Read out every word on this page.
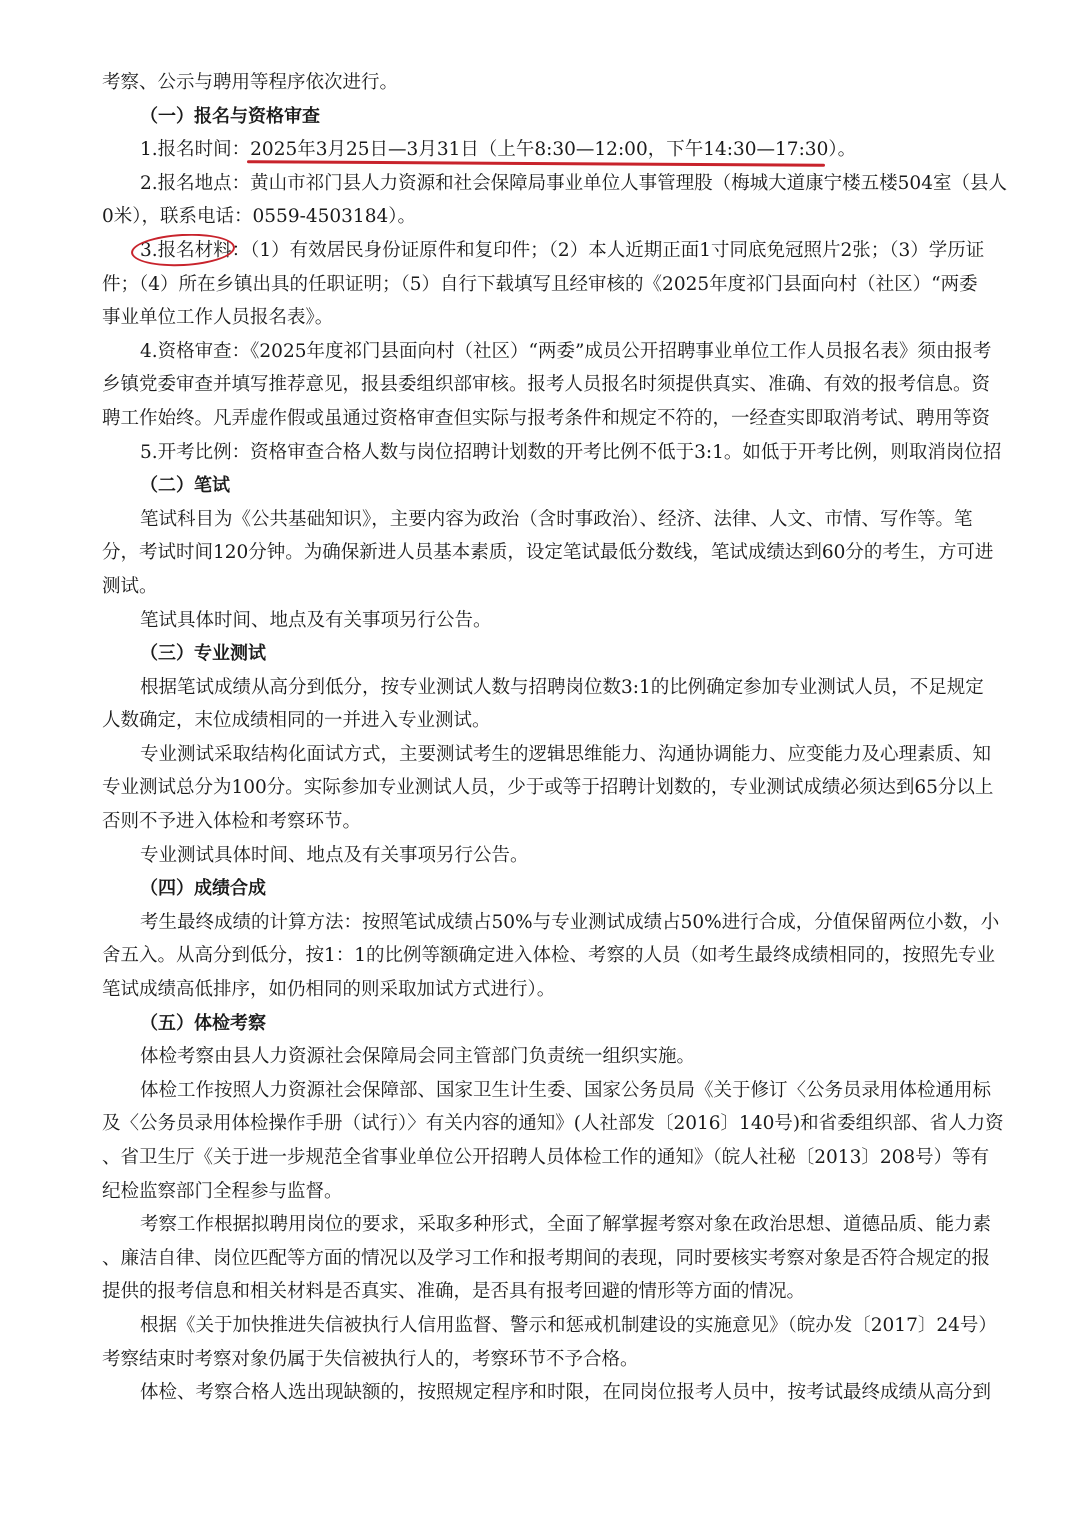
考察、公示与聘用等程序依次进行。
（一）报名与资格审查
1.报名时间：2025年3月25日—3月31日（上午8:30—12:00，下午14:30—17:30）。
2.报名地点：黄山市祁门县人力资源和社会保障局事业单位人事管理股（梅城大道康宁楼五楼504室（县人
0米），联系电话：0559-4503184）。
3.报名材料：（1）有效居民身份证原件和复印件；（2）本人近期正面1寸同底免冠照片2张；（3）学历证
件；（4）所在乡镇出具的任职证明；（5）自行下载填写且经审核的《2025年度祁门县面向村（社区）“两委
事业单位工作人员报名表》。
4.资格审查：《2025年度祁门县面向村（社区）“两委”成员公开招聘事业单位工作人员报名表》须由报考
乡镇党委审查并填写推荐意见，报县委组织部审核。报考人员报名时须提供真实、准确、有效的报考信息。资
聘工作始终。凡弄虚作假或虽通过资格审查但实际与报考条件和规定不符的，一经查实即取消考试、聘用等资
5.开考比例：资格审查合格人数与岗位招聘计划数的开考比例不低于3:1。如低于开考比例，则取消岗位招
（二）笔试
笔试科目为《公共基础知识》，主要内容为政治（含时事政治）、经济、法律、人文、市情、写作等。笔
分，考试时间120分钟。为确保新进人员基本素质，设定笔试最低分数线，笔试成绩达到60分的考生，方可进
测试。
笔试具体时间、地点及有关事项另行公告。
（三）专业测试
根据笔试成绩从高分到低分，按专业测试人数与招聘岗位数3:1的比例确定参加专业测试人员，不足规定
人数确定，末位成绩相同的一并进入专业测试。
专业测试采取结构化面试方式，主要测试考生的逻辑思维能力、沟通协调能力、应变能力及心理素质、知
专业测试总分为100分。实际参加专业测试人员，少于或等于招聘计划数的，专业测试成绩必须达到65分以上
否则不予进入体检和考察环节。
专业测试具体时间、地点及有关事项另行公告。
（四）成绩合成
考生最终成绩的计算方法：按照笔试成绩占50%与专业测试成绩占50%进行合成，分值保留两位小数，小
舍五入。从高分到低分，按1：1的比例等额确定进入体检、考察的人员（如考生最终成绩相同的，按照先专业
笔试成绩高低排序，如仍相同的则采取加试方式进行）。
（五）体检考察
体检考察由县人力资源社会保障局会同主管部门负责统一组织实施。
体检工作按照人力资源社会保障部、国家卫生计生委、国家公务员局《关于修订〈公务员录用体检通用标
及〈公务员录用体检操作手册（试行）〉有关内容的通知》(人社部发〔2016〕140号)和省委组织部、省人力资
、省卫生厅《关于进一步规范全省事业单位公开招聘人员体检工作的通知》（皖人社秘〔2013〕208号）等有
纪检监察部门全程参与监督。
考察工作根据拟聘用岗位的要求，采取多种形式，全面了解掌握考察对象在政治思想、道德品质、能力素
、廉洁自律、岗位匹配等方面的情况以及学习工作和报考期间的表现，同时要核实考察对象是否符合规定的报
提供的报考信息和相关材料是否真实、准确，是否具有报考回避的情形等方面的情况。
根据《关于加快推进失信被执行人信用监督、警示和惩戒机制建设的实施意见》（皖办发〔2017〕24号）
考察结束时考察对象仍属于失信被执行人的，考察环节不予合格。
体检、考察合格人选出现缺额的，按照规定程序和时限，在同岗位报考人员中，按考试最终成绩从高分到
